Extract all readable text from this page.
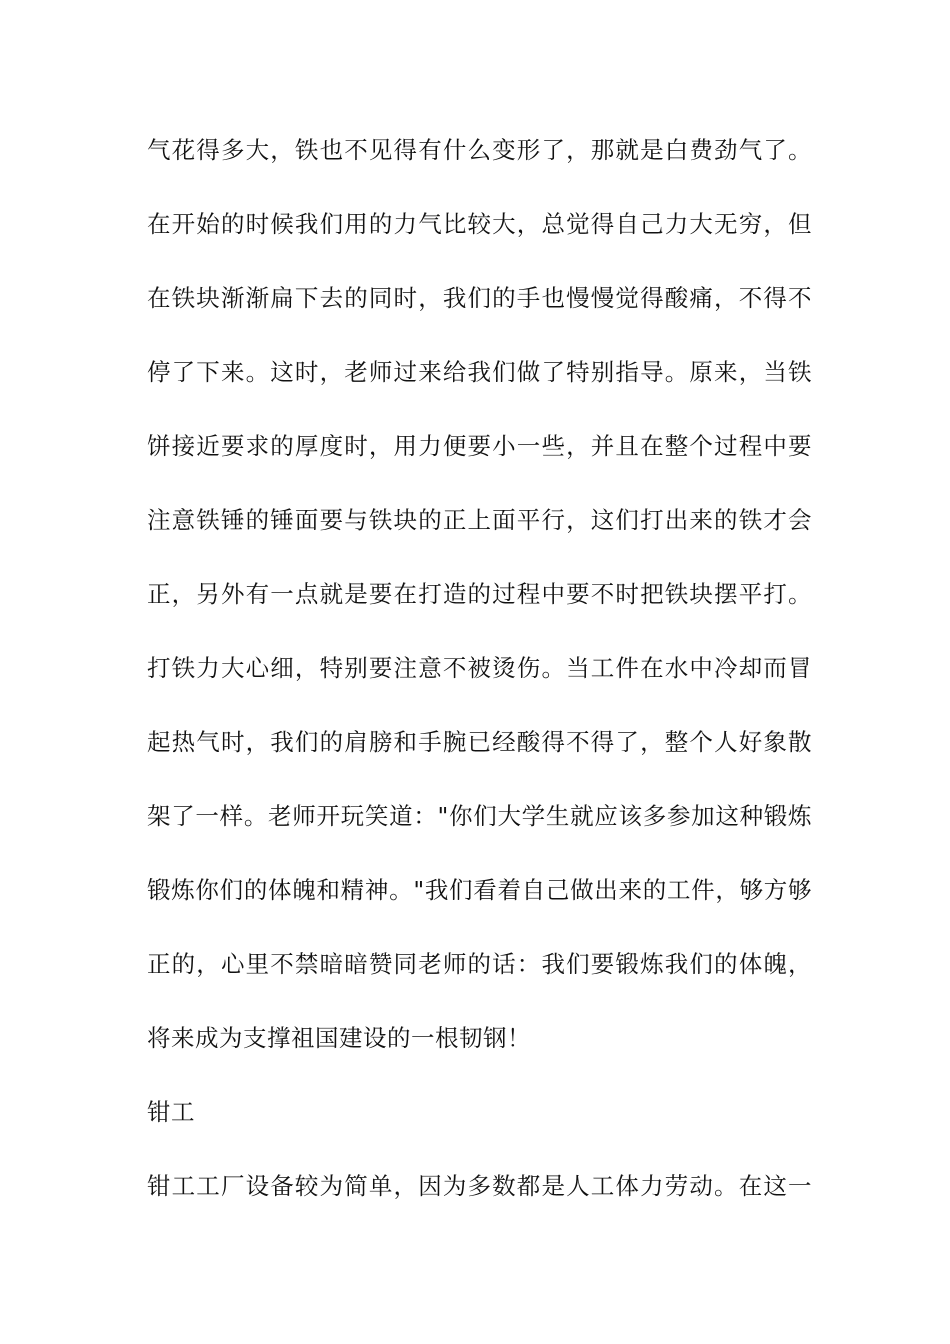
气花得多大，铁也不见得有什么变形了，那就是白费劲气了。
在开始的时候我们用的力气比较大，总觉得自己力大无穷，但
在铁块渐渐扁下去的同时，我们的手也慢慢觉得酸痛，不得不
停了下来。这时，老师过来给我们做了特别指导。原来，当铁
饼接近要求的厚度时，用力便要小一些，并且在整个过程中要
注意铁锤的锤面要与铁块的正上面平行，这们打出来的铁才会
正，另外有一点就是要在打造的过程中要不时把铁块摆平打。
打铁力大心细，特别要注意不被烫伤。当工件在水中冷却而冒
起热气时，我们的肩膀和手腕已经酸得不得了，整个人好象散
架了一样。老师开玩笑道："你们大学生就应该多参加这种锻炼
锻炼你们的体魄和精神。"我们看着自己做出来的工件，够方够
正的，心里不禁暗暗赞同老师的话：我们要锻炼我们的体魄，
将来成为支撑祖国建设的一根韧钢！
钳工
钳工工厂设备较为简单，因为多数都是人工体力劳动。在这一
